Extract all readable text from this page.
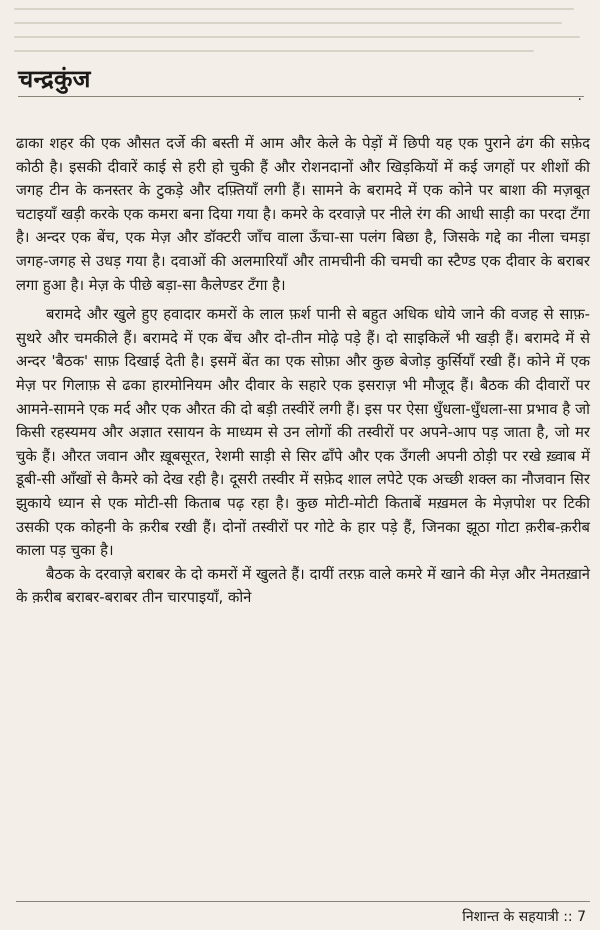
चन्द्रकुंज

ढाका शहर की एक औसत दर्जे की बस्ती में आम और केले के पेड़ों में छिपी यह एक पुराने ढंग की सफ़ेद कोठी है। इसकी दीवारें काई से हरी हो चुकी हैं और रोशनदानों और खिड़कियों में कई जगहों पर शीशों की जगह टीन के कनस्तर के टुकड़े और दफ़्तियाँ लगी हैं। सामने के बरामदे में एक कोने पर बाशा की मज़बूत चटाइयाँ खड़ी करके एक कमरा बना दिया गया है। कमरे के दरवाज़े पर नीले रंग की आधी साड़ी का परदा टँगा है। अन्दर एक बेंच, एक मेज़ और डॉक्टरी जाँच वाला ऊँचा-सा पलंग बिछा है, जिसके गद्दे का नीला चमड़ा जगह-जगह से उधड़ गया है। दवाओं की अलमारियाँ और तामचीनी की चमची का स्टैण्ड एक दीवार के बराबर लगा हुआ है। मेज़ के पीछे बड़ा-सा कैलेण्डर टँगा है।

बरामदे और खुले हुए हवादार कमरों के लाल फ़र्श पानी से बहुत अधिक धोये जाने की वजह से साफ़-सुथरे और चमकीले हैं। बरामदे में एक बेंच और दो-तीन मोढ़े पड़े हैं। दो साइकिलें भी खड़ी हैं। बरामदे में से अन्दर 'बैठक' साफ़ दिखाई देती है। इसमें बेंत का एक सोफ़ा और कुछ बेजोड़ कुर्सियाँ रखी हैं। कोने में एक मेज़ पर गिलाफ़ से ढका हारमोनियम और दीवार के सहारे एक इसराज़ भी मौजूद हैं। बैठक की दीवारों पर आमने-सामने एक मर्द और एक औरत की दो बड़ी तस्वीरें लगी हैं। इस पर ऐसा धुँधला-धुँधला-सा प्रभाव है जो किसी रहस्यमय और अज्ञात रसायन के माध्यम से उन लोगों की तस्वीरों पर अपने-आप पड़ जाता है, जो मर चुके हैं। औरत जवान और ख़ूबसूरत, रेशमी साड़ी से सिर ढाँपे और एक उँगली अपनी ठोड़ी पर रखे ख़्वाब में डूबी-सी आँखों से कैमरे को देख रही है। दूसरी तस्वीर में सफ़ेद शाल लपेटे एक अच्छी शक्ल का नौजवान सिर झुकाये ध्यान से एक मोटी-सी किताब पढ़ रहा है। कुछ मोटी-मोटी किताबें मख़मल के मेज़पोश पर टिकी उसकी एक कोहनी के क़रीब रखी हैं। दोनों तस्वीरों पर गोटे के हार पड़े हैं, जिनका झूठा गोटा क़रीब-क़रीब काला पड़ चुका है।

बैठक के दरवाज़े बराबर के दो कमरों में खुलते हैं। दायीं तरफ़ वाले कमरे में खाने की मेज़ और नेमतख़ाने के क़रीब बराबर-बराबर तीन चारपाइयाँ, कोने

निशान्त के सहयात्री :: 7
